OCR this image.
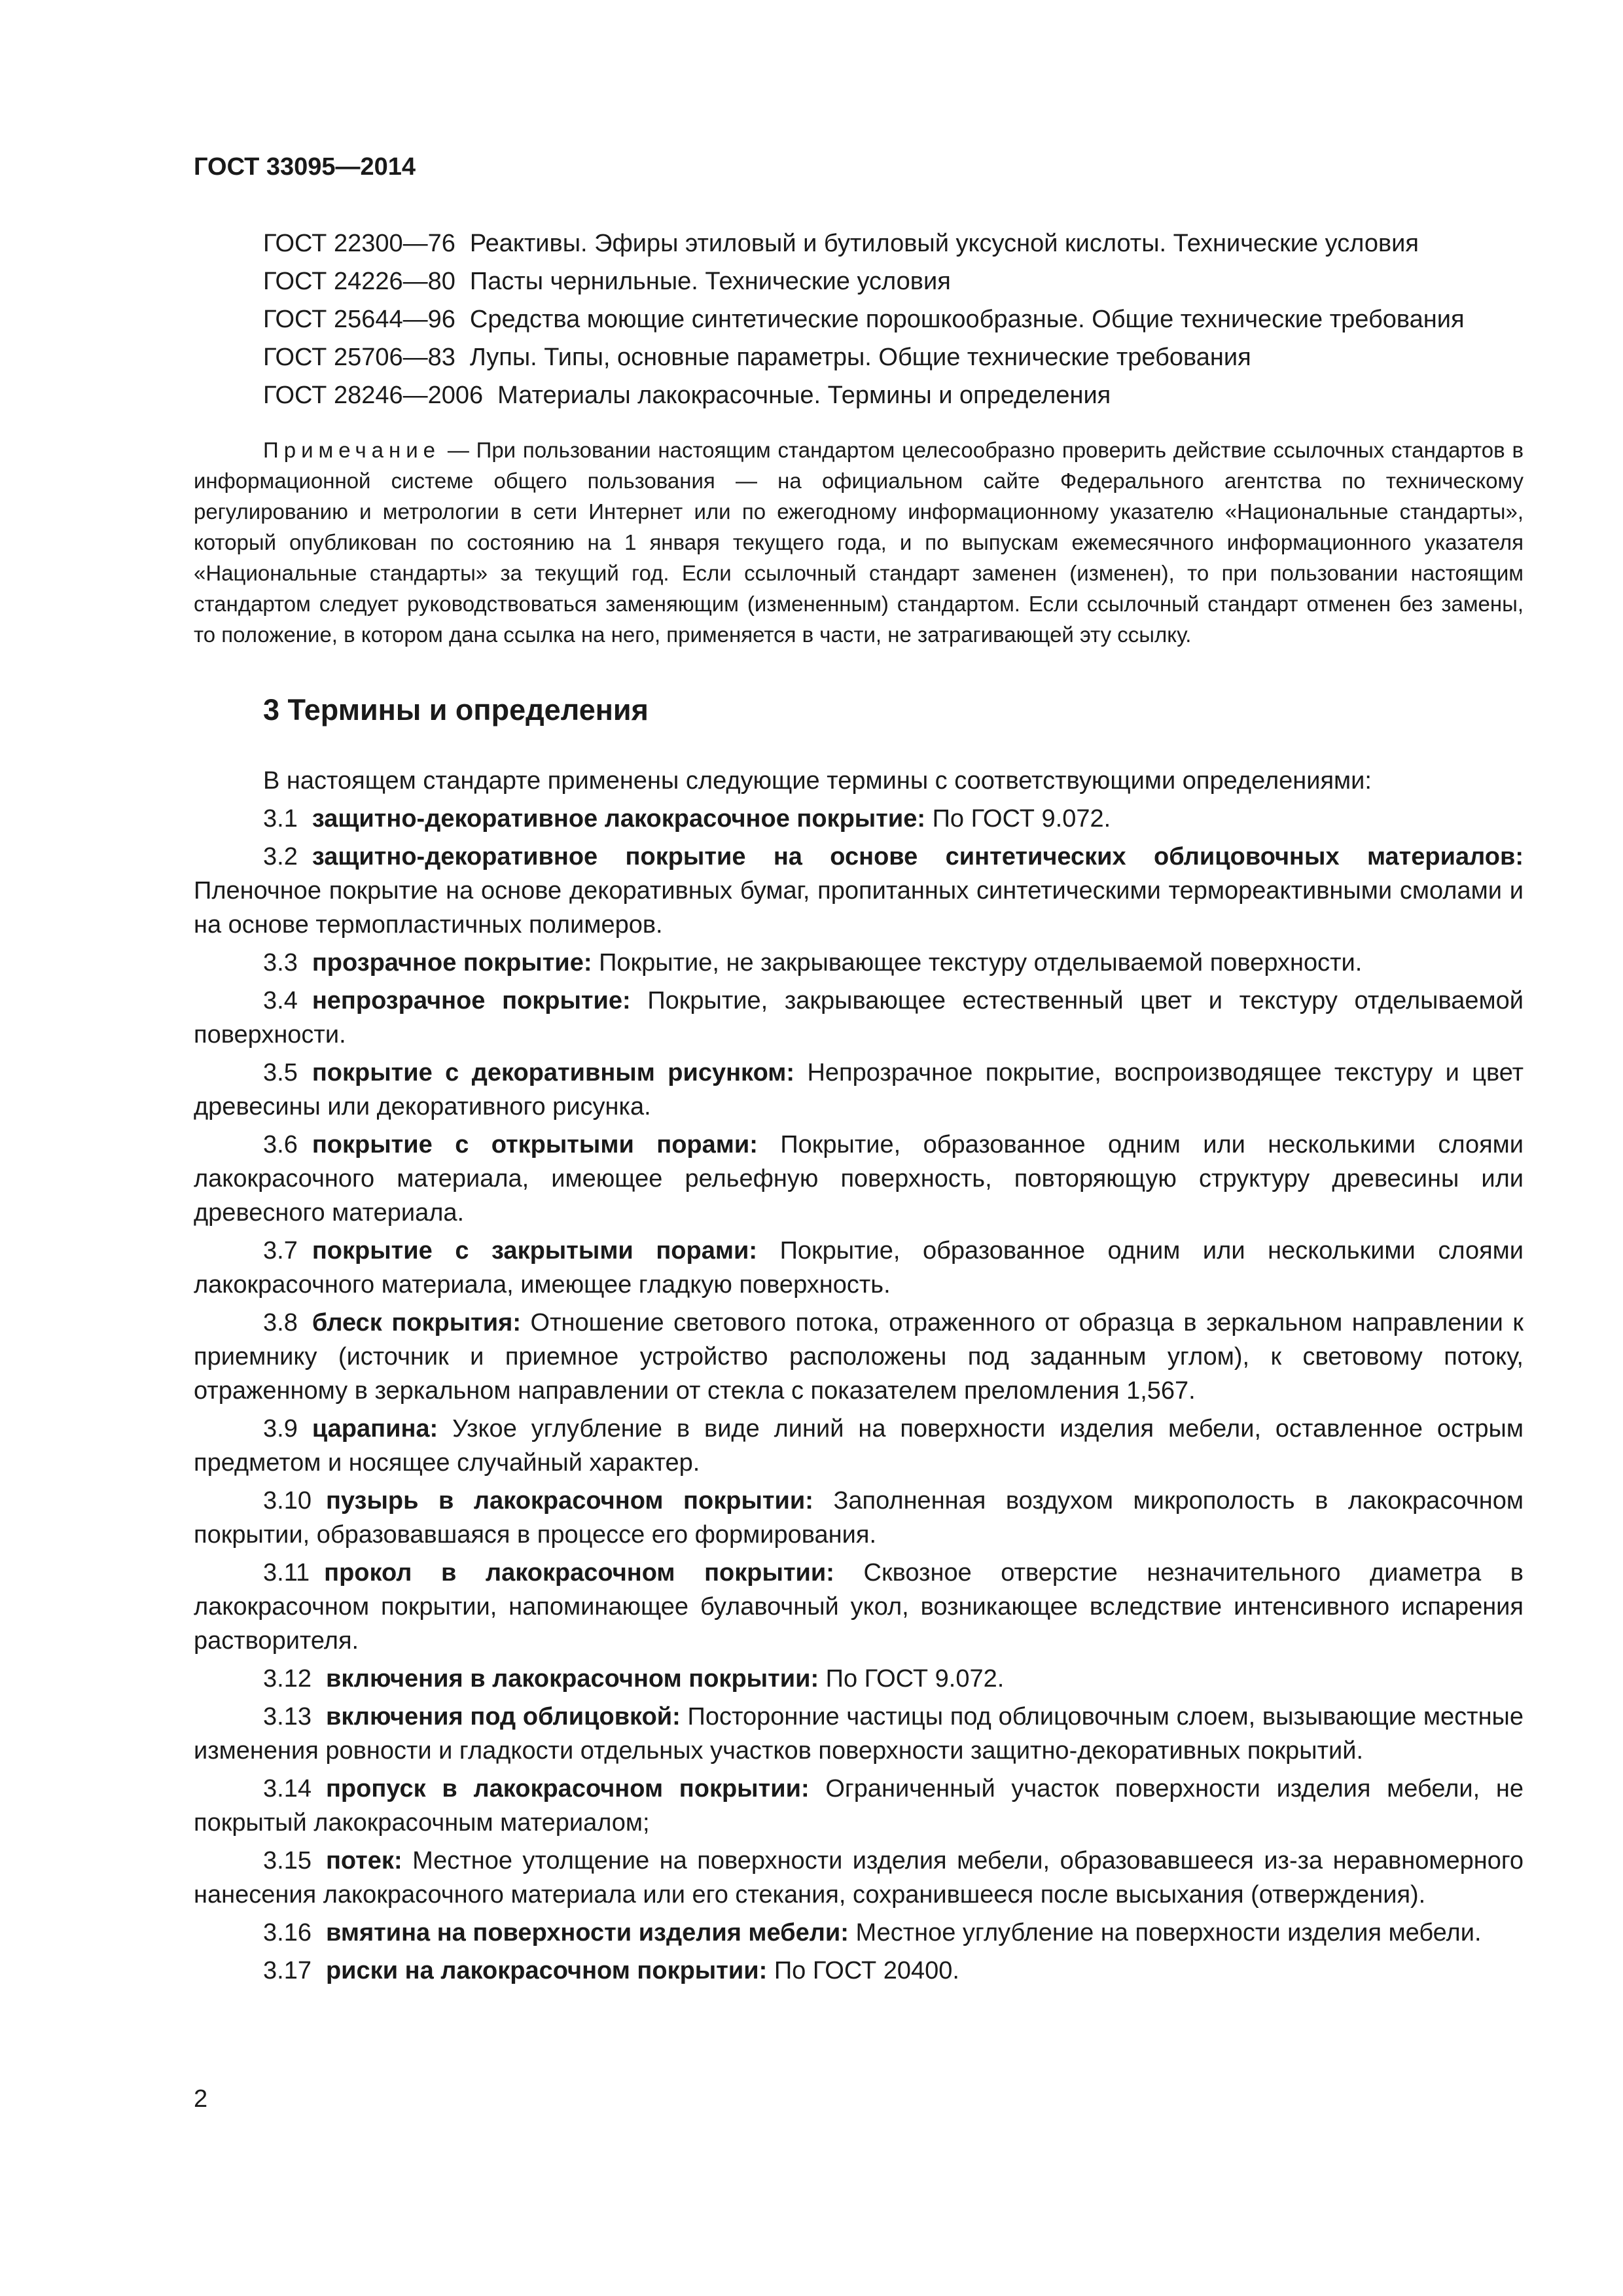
ГОСТ 33095—2014

ГОСТ 22300—76 Реактивы. Эфиры этиловый и бутиловый уксусной кислоты. Технические условия

ГОСТ 24226—80 Пасты чернильные. Технические условия

ГОСТ 25644—96 Средства моющие синтетические порошкообразные. Общие технические требования

ГОСТ 25706—83 Лупы. Типы, основные параметры. Общие технические требования

ГОСТ 28246—2006 Материалы лакокрасочные. Термины и определения

Примечание — При пользовании настоящим стандартом целесообразно проверить действие ссылочных стандартов в информационной системе общего пользования — на официальном сайте Федерального агентства по техническому регулированию и метрологии в сети Интернет или по ежегодному информационному указателю «Национальные стандарты», который опубликован по состоянию на 1 января текущего года, и по выпускам ежемесячного информационного указателя «Национальные стандарты» за текущий год. Если ссылочный стандарт заменен (изменен), то при пользовании настоящим стандартом следует руководствоваться заменяющим (измененным) стандартом. Если ссылочный стандарт отменен без замены, то положение, в котором дана ссылка на него, применяется в части, не затрагивающей эту ссылку.

3 Термины и определения

В настоящем стандарте применены следующие термины с соответствующими определениями:

3.1 защитно-декоративное лакокрасочное покрытие: По ГОСТ 9.072.

3.2 защитно-декоративное покрытие на основе синтетических облицовочных материалов: Пленочное покрытие на основе декоративных бумаг, пропитанных синтетическими термореактивными смолами и на основе термопластичных полимеров.

3.3 прозрачное покрытие: Покрытие, не закрывающее текстуру отделываемой поверхности.

3.4 непрозрачное покрытие: Покрытие, закрывающее естественный цвет и текстуру отделываемой поверхности.

3.5 покрытие с декоративным рисунком: Непрозрачное покрытие, воспроизводящее текстуру и цвет древесины или декоративного рисунка.

3.6 покрытие с открытыми порами: Покрытие, образованное одним или несколькими слоями лакокрасочного материала, имеющее рельефную поверхность, повторяющую структуру древесины или древесного материала.

3.7 покрытие с закрытыми порами: Покрытие, образованное одним или несколькими слоями лакокрасочного материала, имеющее гладкую поверхность.

3.8 блеск покрытия: Отношение светового потока, отраженного от образца в зеркальном направлении к приемнику (источник и приемное устройство расположены под заданным углом), к световому потоку, отраженному в зеркальном направлении от стекла с показателем преломления 1,567.

3.9 царапина: Узкое углубление в виде линий на поверхности изделия мебели, оставленное острым предметом и носящее случайный характер.

3.10 пузырь в лакокрасочном покрытии: Заполненная воздухом микрополость в лакокрасочном покрытии, образовавшаяся в процессе его формирования.

3.11 прокол в лакокрасочном покрытии: Сквозное отверстие незначительного диаметра в лакокрасочном покрытии, напоминающее булавочный укол, возникающее вследствие интенсивного испарения растворителя.

3.12 включения в лакокрасочном покрытии: По ГОСТ 9.072.

3.13 включения под облицовкой: Посторонние частицы под облицовочным слоем, вызывающие местные изменения ровности и гладкости отдельных участков поверхности защитно-декоративных покрытий.

3.14 пропуск в лакокрасочном покрытии: Ограниченный участок поверхности изделия мебели, не покрытый лакокрасочным материалом;

3.15 потек: Местное утолщение на поверхности изделия мебели, образовавшееся из-за неравномерного нанесения лакокрасочного материала или его стекания, сохранившееся после высыхания (отверждения).

3.16 вмятина на поверхности изделия мебели: Местное углубление на поверхности изделия мебели.

3.17 риски на лакокрасочном покрытии: По ГОСТ 20400.

2
